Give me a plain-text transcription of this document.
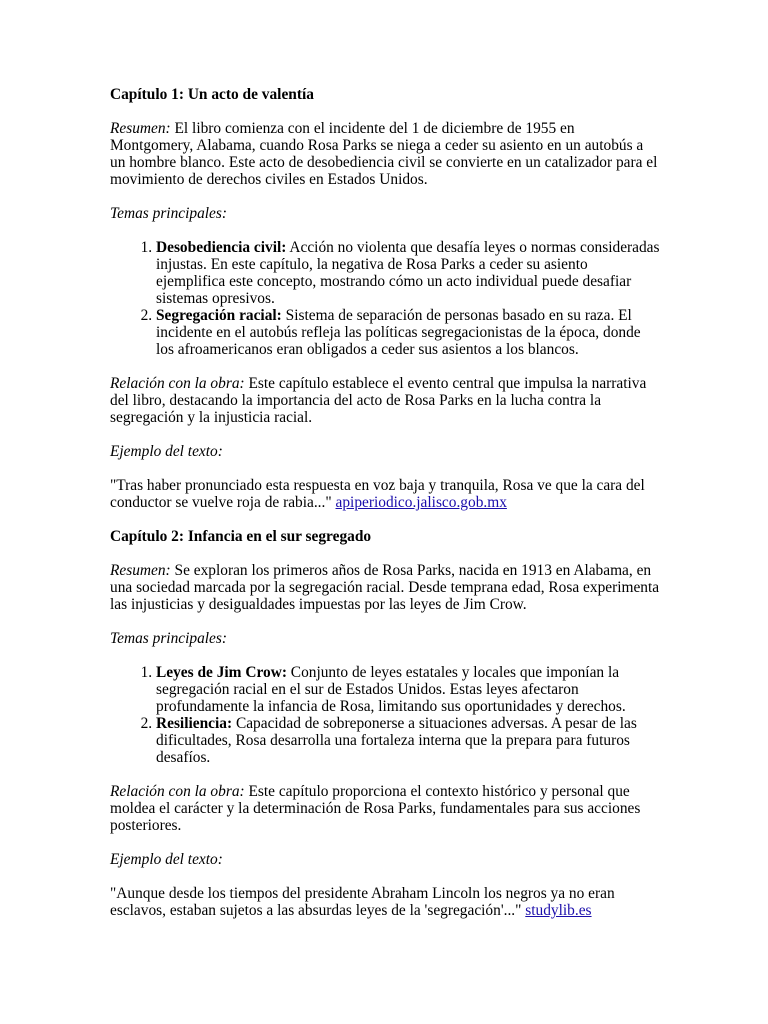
Capítulo 1: Un acto de valentía

Resumen: El libro comienza con el incidente del 1 de diciembre de 1955 en Montgomery, Alabama, cuando Rosa Parks se niega a ceder su asiento en un autobús a un hombre blanco. Este acto de desobediencia civil se convierte en un catalizador para el movimiento de derechos civiles en Estados Unidos.

Temas principales:

1. Desobediencia civil: Acción no violenta que desafía leyes o normas consideradas injustas. En este capítulo, la negativa de Rosa Parks a ceder su asiento ejemplifica este concepto, mostrando cómo un acto individual puede desafiar sistemas opresivos.
2. Segregación racial: Sistema de separación de personas basado en su raza. El incidente en el autobús refleja las políticas segregacionistas de la época, donde los afroamericanos eran obligados a ceder sus asientos a los blancos.

Relación con la obra: Este capítulo establece el evento central que impulsa la narrativa del libro, destacando la importancia del acto de Rosa Parks en la lucha contra la segregación y la injusticia racial.

Ejemplo del texto:

"Tras haber pronunciado esta respuesta en voz baja y tranquila, Rosa ve que la cara del conductor se vuelve roja de rabia..." apiperiodico.jalisco.gob.mx

Capítulo 2: Infancia en el sur segregado

Resumen: Se exploran los primeros años de Rosa Parks, nacida en 1913 en Alabama, en una sociedad marcada por la segregación racial. Desde temprana edad, Rosa experimenta las injusticias y desigualdades impuestas por las leyes de Jim Crow.

Temas principales:

1. Leyes de Jim Crow: Conjunto de leyes estatales y locales que imponían la segregación racial en el sur de Estados Unidos. Estas leyes afectaron profundamente la infancia de Rosa, limitando sus oportunidades y derechos.
2. Resiliencia: Capacidad de sobreponerse a situaciones adversas. A pesar de las dificultades, Rosa desarrolla una fortaleza interna que la prepara para futuros desafíos.

Relación con la obra: Este capítulo proporciona el contexto histórico y personal que moldea el carácter y la determinación de Rosa Parks, fundamentales para sus acciones posteriores.

Ejemplo del texto:

"Aunque desde los tiempos del presidente Abraham Lincoln los negros ya no eran esclavos, estaban sujetos a las absurdas leyes de la 'segregación'..." studylib.es
